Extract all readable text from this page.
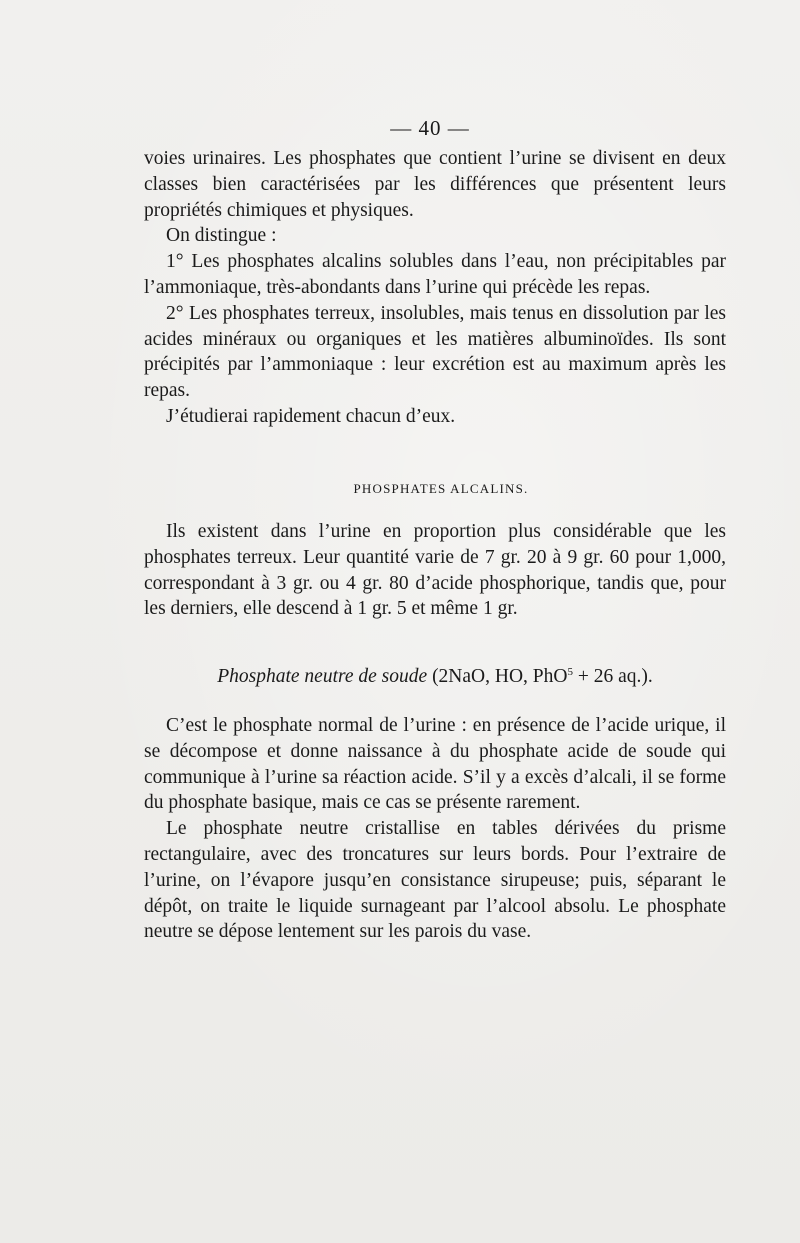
— 40 —

voies urinaires. Les phosphates que contient l’urine se divisent en deux classes bien caractérisées par les différences que présentent leurs propriétés chimiques et physiques.

On distingue :

1° Les phosphates alcalins solubles dans l’eau, non précipitables par l’ammoniaque, très-abondants dans l’urine qui précède les repas.

2° Les phosphates terreux, insolubles, mais tenus en dissolution par les acides minéraux ou organiques et les matières albuminoïdes. Ils sont précipités par l’ammoniaque : leur excrétion est au maximum après les repas.

J’étudierai rapidement chacun d’eux.

PHOSPHATES ALCALINS.

Ils existent dans l’urine en proportion plus considérable que les phosphates terreux. Leur quantité varie de 7 gr. 20 à 9 gr. 60 pour 1,000, correspondant à 3 gr. ou 4 gr. 80 d’acide phosphorique, tandis que, pour les derniers, elle descend à 1 gr. 5 et même 1 gr.

Phosphate neutre de soude (2NaO, HO, PhO$^5$ + 26 aq.).

C’est le phosphate normal de l’urine : en présence de l’acide urique, il se décompose et donne naissance à du phosphate acide de soude qui communique à l’urine sa réaction acide. S’il y a excès d’alcali, il se forme du phosphate basique, mais ce cas se présente rarement.

Le phosphate neutre cristallise en tables dérivées du prisme rectangulaire, avec des troncatures sur leurs bords. Pour l’extraire de l’urine, on l’évapore jusqu’en consistance sirupeuse; puis, séparant le dépôt, on traite le liquide surnageant par l’alcool absolu. Le phosphate neutre se dépose lentement sur les parois du vase.
